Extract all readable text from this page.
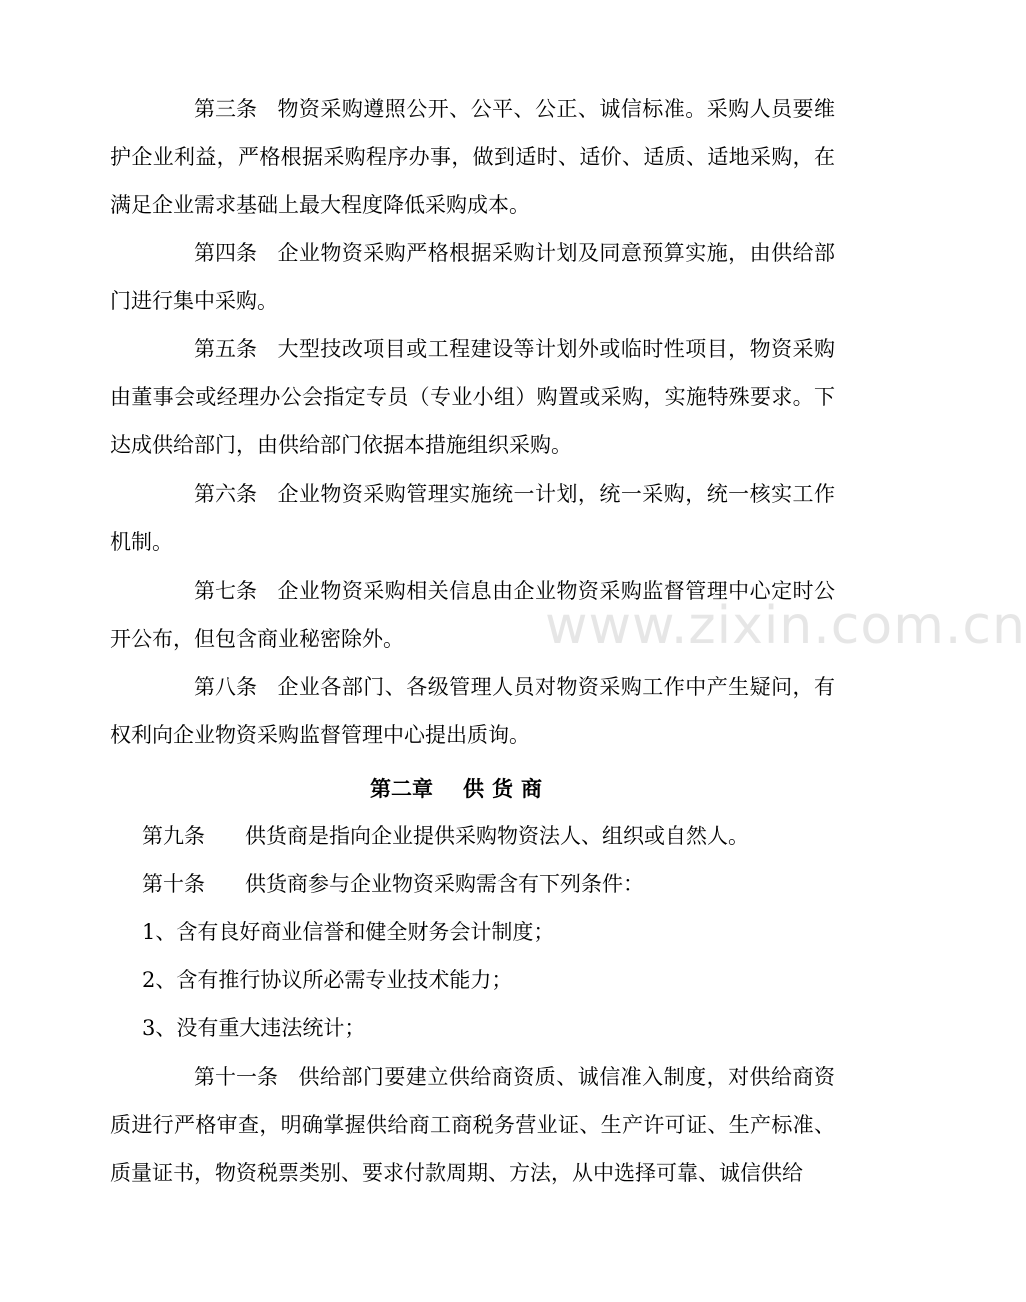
第三条 物资采购遵照公开、公平、公正、诚信标准。采购人员要维护企业利益，严格根据采购程序办事，做到适时、适价、适质、适地采购，在满足企业需求基础上最大程度降低采购成本。

第四条 企业物资采购严格根据采购计划及同意预算实施，由供给部门进行集中采购。

第五条 大型技改项目或工程建设等计划外或临时性项目，物资采购由董事会或经理办公会指定专员（专业小组）购置或采购，实施特殊要求。下达成供给部门，由供给部门依据本措施组织采购。

第六条 企业物资采购管理实施统一计划，统一采购，统一核实工作机制。

第七条 企业物资采购相关信息由企业物资采购监督管理中心定时公开公布，但包含商业秘密除外。

第八条 企业各部门、各级管理人员对物资采购工作中产生疑问，有权利向企业物资采购监督管理中心提出质询。

第二章 供货商

第九条 供货商是指向企业提供采购物资法人、组织或自然人。

第十条 供货商参与企业物资采购需含有下列条件：

1、含有良好商业信誉和健全财务会计制度；

2、含有推行协议所必需专业技术能力；

3、没有重大违法统计；

第十一条 供给部门要建立供给商资质、诚信准入制度，对供给商资质进行严格审查，明确掌握供给商工商税务营业证、生产许可证、生产标准、质量证书，物资税票类别、要求付款周期、方法，从中选择可靠、诚信供给

www.zixin.com.cn
